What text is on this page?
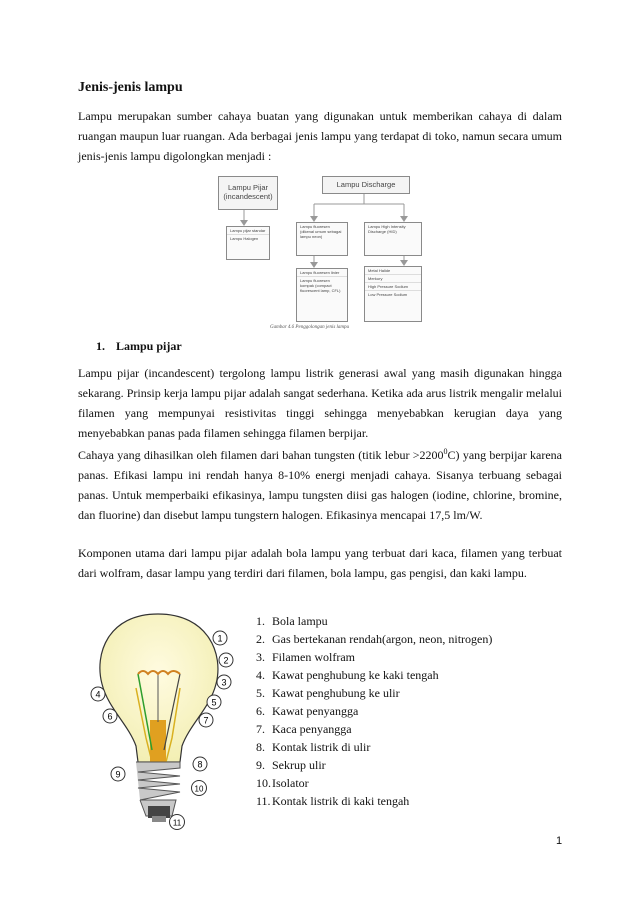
Jenis-jenis lampu

Lampu merupakan sumber cahaya buatan yang digunakan untuk memberikan cahaya di dalam ruangan maupun luar ruangan. Ada berbagai jenis lampu yang terdapat di toko, namun secara umum jenis-jenis lampu digolongkan menjadi :

Lampu Pijar (incandescent)
Lampu Discharge
Lampu pijar standar
Lampu Halogen
Lampu fluoresen (dikenal umum sebagai lampu neon)
Lampu High Intensity Discharge (HID)
Lampu fluoresen linier
Lampu fluoresen kompak (compact fluorescent lamp, CFL)
Metal Halide
Merkury
High Pressure Sodium
Low Pressure Sodium
Gambar 4.6 Penggolongan jenis lampu
1. Lampu pijar

Lampu pijar (incandescent) tergolong lampu listrik generasi awal yang masih digunakan hingga sekarang. Prinsip kerja lampu pijar adalah sangat sederhana. Ketika ada arus listrik mengalir melalui filamen yang mempunyai resistivitas tinggi sehingga menyebabkan kerugian daya yang menyebabkan panas pada filamen sehingga filamen berpijar.

Cahaya yang dihasilkan oleh filamen dari bahan tungsten (titik lebur $>2200^0C$) yang berpijar karena panas. Efikasi lampu ini rendah hanya 8-10% energi menjadi cahaya. Sisanya terbuang sebagai panas. Untuk memperbaiki efikasinya, lampu tungsten diisi gas halogen (iodine, chlorine, bromine, dan fluorine) dan disebut lampu tungstern halogen. Efikasinya mencapai 17,5 lm/W.

Komponen utama dari lampu pijar adalah bola lampu yang terbuat dari kaca, filamen yang terbuat dari wolfram, dasar lampu yang terdiri dari filamen, bola lampu, gas pengisi, dan kaki lampu.

1
2
3
4
5
6	7
8
9
10
11
1. Bola lampu
2. Gas bertekanan rendah(argon, neon, nitrogen)
3. Filamen wolfram
4. Kawat penghubung ke kaki tengah
5. Kawat penghubung ke ulir
6. Kawat penyangga
7. Kaca penyangga
8. Kontak listrik di ulir
9. Sekrup ulir
10. Isolator
11. Kontak listrik di kaki tengah
1
